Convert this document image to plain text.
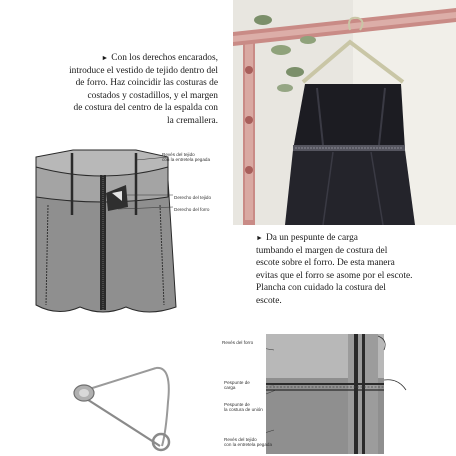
► Con los derechos encarados,
introduce el vestido de tejido dentro del
de forro. Haz coincidir las costuras de
costados y costadillos, y el margen
de costura del centro de la espalda con
la cremallera.
Revés del tejido
con la entretela pegada
Derecho del tejido
Derecho del forro
► Da un pespunte de carga
tumbando el margen de costura del
escote sobre el forro. De esta manera
evitas que el forro se asome por el escote.
Plancha con cuidado la costura del
escote.
Revés del forro
Pespunte de
carga
Pespunte de
la costura de unión
Revés del tejido
con la entretela pegada
